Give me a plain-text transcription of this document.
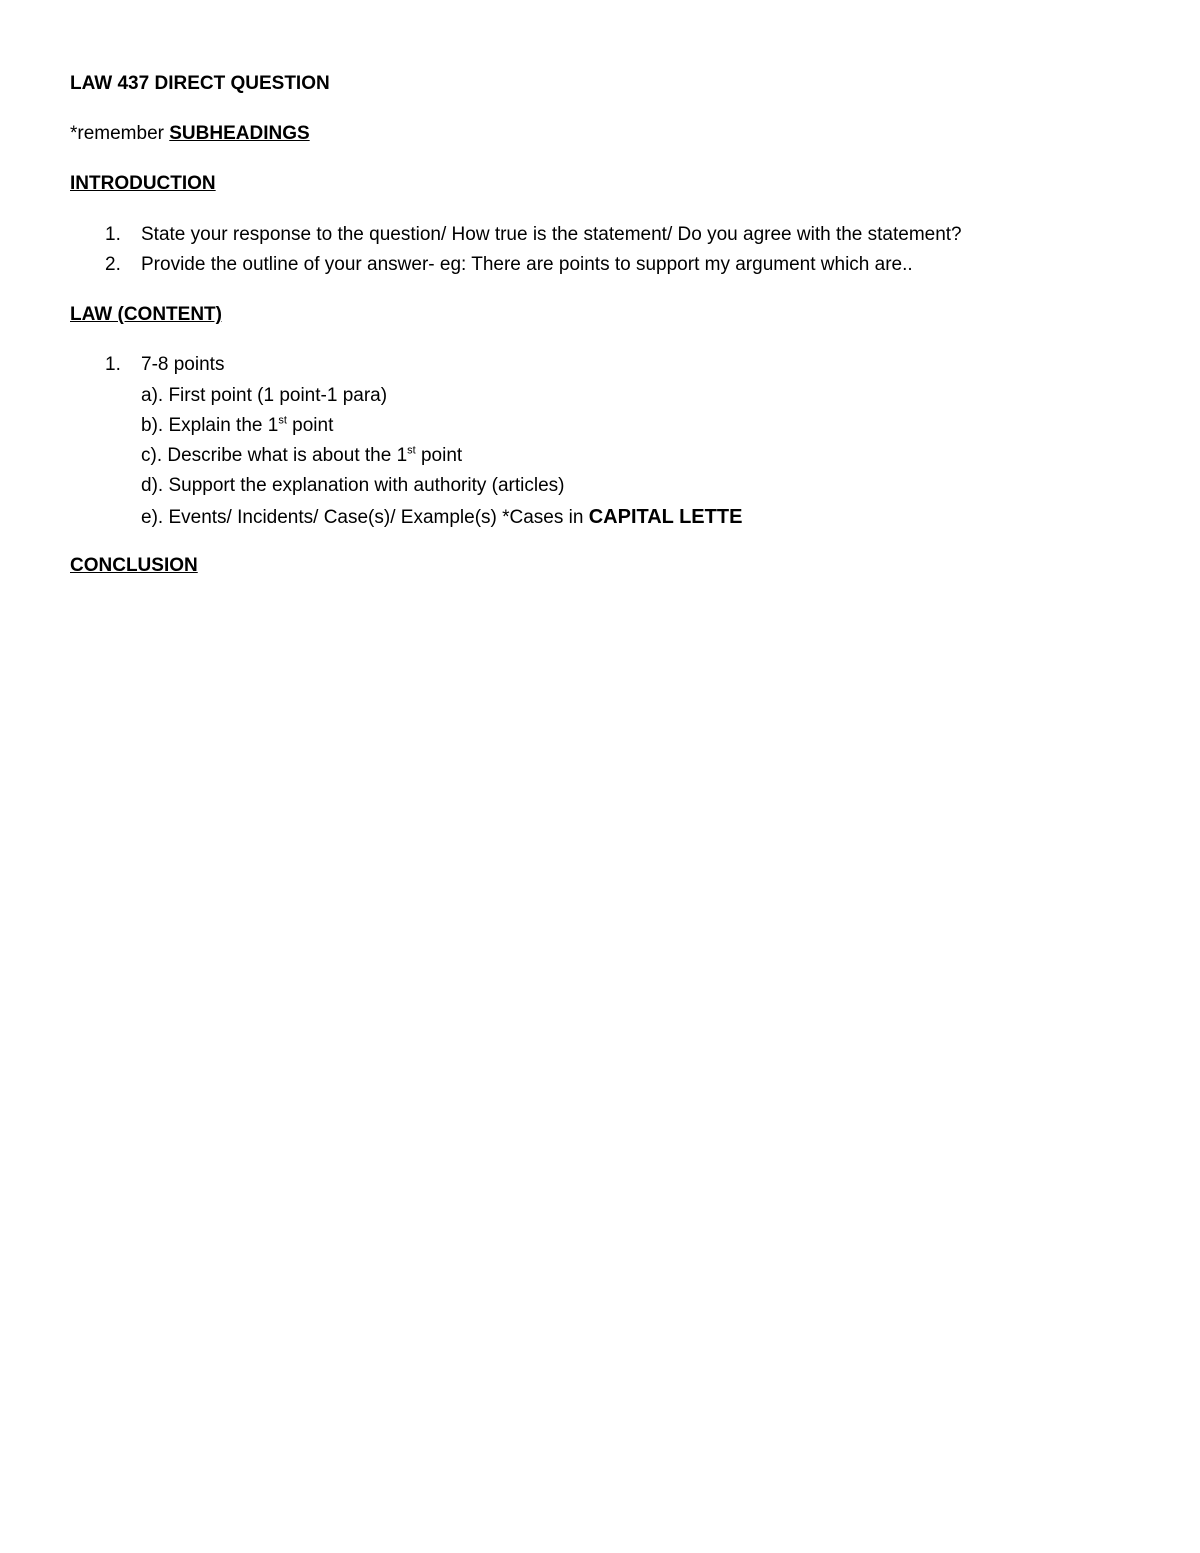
LAW 437 DIRECT QUESTION
*remember SUBHEADINGS
INTRODUCTION
1. State your response to the question/ How true is the statement/ Do you agree with the statement?
2. Provide the outline of your answer- eg: There are points to support my argument which are..
LAW (CONTENT)
1. 7-8 points
a). First point (1 point-1 para)
b). Explain the 1st point
c). Describe what is about the 1st point
d). Support the explanation with authority (articles)
e). Events/ Incidents/ Case(s)/ Example(s) *Cases in CAPITAL LETTE
CONCLUSION
